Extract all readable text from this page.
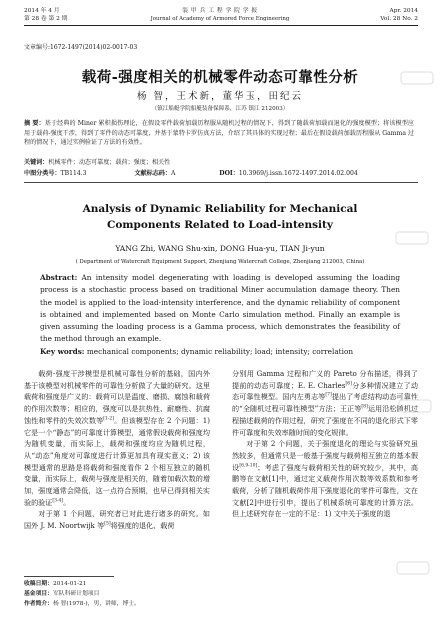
2014 年 4 月
第 28 卷 第 2 期
装 甲 兵 工 程 学 院 学 报
Journal of Academy of Armored Force Engineering
Apr. 2014
Vol. 28 No. 2
文章编号:1672-1497(2014)02-0017-03
载荷-强度相关的机械零件动态可靠性分析
杨 智，王术新，董华玉，田纪云
（镇江船艇学院船艇装备保障系，江苏 镇江 212003）
摘 要：基于经典的 Miner 累积损伤理论，在假设零件载荷加载历程服从随机过程的情况下，得到了随载荷加载而退化的强度模型；将该模型应用于载荷-强度干涉，得到了零件的动态可靠度，并基于蒙特卡罗仿真方法，介绍了其具体的实现过程；最后在假设载荷加载历程服从 Gamma 过程的情况下，通过实例验证了方法的有效性。
关键词：机械零件；动态可靠度；载荷；强度；相关性
中图分类号：TB114.3	文献标志码：A	DOI：10.3969/j.issn.1672-1497.2014.02.004
Analysis of Dynamic Reliability for Mechanical
Components Related to Load-intensity
YANG Zhi, WANG Shu-xin, DONG Hua-yu, TIAN Ji-yun
( Department of Watercraft Equipment Support, Zhenjiang Watercraft College, Zhenjiang 212003, China)
Abstract: An intensity model degenerating with loading is developed assuming the loading process is a stochastic process based on traditional Miner accumulation damage theory. Then the model is applied to the load-intensity interference, and the dynamic reliability of component is obtained and implemented based on Monte Carlo simulation method. Finally an example is given assuming the loading process is a Gamma process, which demonstrates the feasibility of the method through an example.
Key words: mechanical components; dynamic reliability; load; intensity; correlation

载荷-强度干涉模型是机械可靠性分析的基础，国内外基于该模型对机械零件的可靠性分析做了大量的研究。这里载荷和强度是广义的：载荷可以是温度、磨损、腐蚀和载荷的作用次数等；相应的，强度可以是抗热性、耐磨性、抗腐蚀性和零件的失效次数等[1-2]。但该模型存在 2 个问题：1) 它是一个“静态”的可靠度计算模型，通常假设载荷和强度均为随机变量，而实际上，载荷和强度均应为随机过程，从“动态”角度对可靠度进行计算更加具有现实意义；2) 该模型通常的思路是将载荷和强度看作 2 个相互独立的随机变量，而实际上，载荷与强度是相关的，随着加载次数的增加，强度通常会降低，这一点符合预期，也早已得到相关实验的验证[3-4]。

对于第 1 个问题，研究者已对此进行诸多的研究。如国外 J. M. Noortwijk 等[5]将强度的退化、载荷

分别用 Gamma 过程和广义的 Pareto 分布描述，得到了提前的动态可靠度；E. E. Charles[6]分多种情况建立了动态可靠性模型。国内左勇志等[7]提出了考虑结构动态可靠性的“全随机过程可靠性模型”方法；王正等[8]运用沿松随机过程描述载荷的作用过程，研究了强度在不同的退化形式下零件可靠度和失效率随时间的变化规律。

对于第 2 个问题，关于强度退化的理论与实验研究虽然较多，但通常只是一般基于强度与载荷相互独立的基本假设[6,9-10]；考虑了强度与载荷相关性的研究较少，其中，高鹏等在文献[1]中，通过定义载荷作用次数等效系数和参考载荷，分析了随机载荷作用下强度退化的零件可靠性，文在文献[2]中进行引申，提出了机械系统可靠度的计算方法。但上述研究存在一定的不足：1) 文中关于强度的退

收稿日期：2014-01-21
基金项目：军队科研计划项目
作者简介：杨 智(1978-)，男，讲师，博士。
